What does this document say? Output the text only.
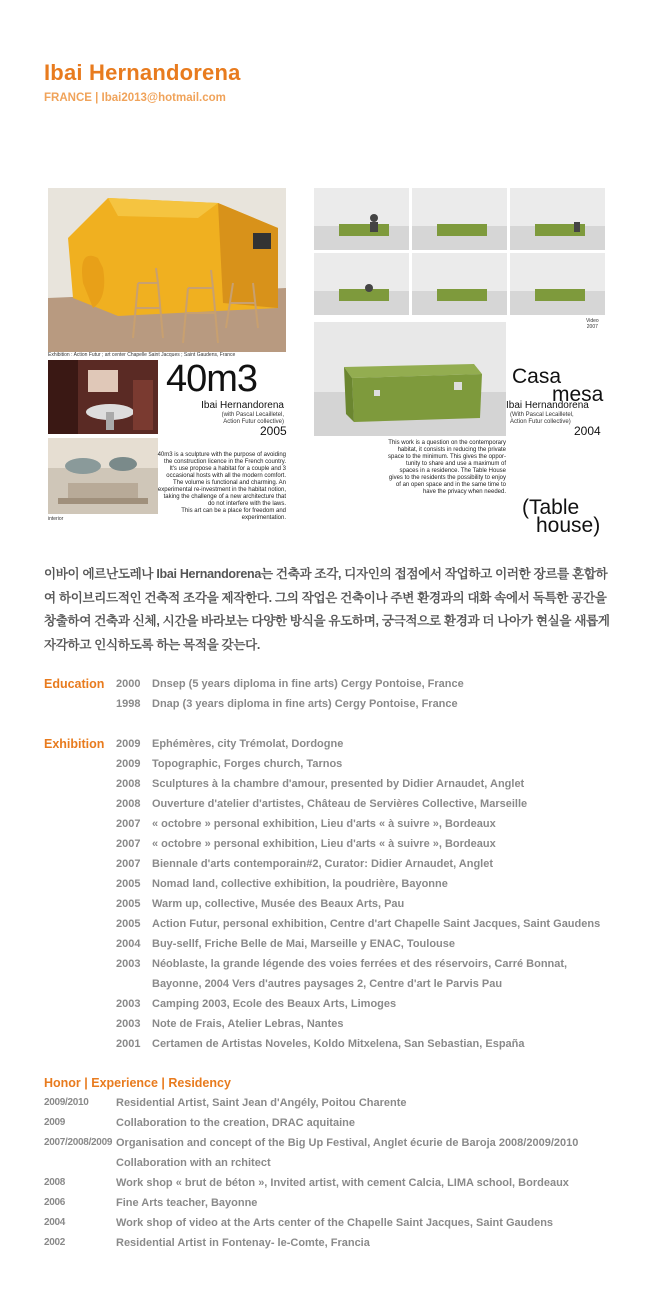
Ibai Hernandorena
FRANCE | Ibai2013@hotmail.com
Exhibition : Action Futur ; art center Chapelle Saint Jacques ; Saint Gaudens, France
interior
40m3
Ibai Hernandorena
(with Pascal Lecailletel,
Action Futur collective)
2005
40m3 is a sculpture with the purpose of avoiding
the construction licence in the French country.
It's use propose a habitat for a couple and 3
occasional hosts with all the modern comfort.
The volume is functional and charming. An
experimental re-investment in the habitat notion,
taking the challenge of a new architecture that
do not interfere with the laws.
This art can be a place for freedom and
experimentation.
Video
2007
Casa
mesa
Ibai Hernandorena
(With Pascal Lecailletel,
Action Futur collective)
2004
This work is a question on the contemporary
habitat, it consists in reducing the private
space to the minimum. This gives the oppor-
tunity to share and use a maximum of
spaces in a residence. The Table House
gives to the residents the possibility to enjoy
of an open space and in the same time to
have the privacy when needed.
(Table
house)
이바이 에르난도레나 Ibai Hernandorena는 건축과 조각, 디자인의 접점에서 작업하고 이러한 장르를 혼합하여 하이브리드적인 건축적 조각을 제작한다. 그의 작업은 건축이나 주변 환경과의 대화 속에서 독특한 공간을 창출하여 건축과 신체, 시간을 바라보는 다양한 방식을 유도하며, 궁극적으로 환경과 더 나아가 현실을 새롭게 자각하고 인식하도록 하는 목적을 갖는다.
Education 2000 Dnsep (5 years diploma in fine arts) Cergy Pontoise, France
1998 Dnap (3 years diploma in fine arts) Cergy Pontoise, France
Exhibition 2009 Ephémères, city Trémolat, Dordogne
2009 Topographic, Forges church, Tarnos
2008 Sculptures à la chambre d'amour, presented by Didier Arnaudet, Anglet
2008 Ouverture d'atelier d'artistes, Château de Servières Collective, Marseille
2007 « octobre » personal exhibition, Lieu d'arts « à suivre », Bordeaux
2007 « octobre » personal exhibition, Lieu d'arts « à suivre », Bordeaux
2007 Biennale d'arts contemporain#2, Curator: Didier Arnaudet, Anglet
2005 Nomad land, collective exhibition, la poudrière, Bayonne
2005 Warm up, collective, Musée des Beaux Arts, Pau
2005 Action Futur, personal exhibition, Centre d'art Chapelle Saint Jacques, Saint Gaudens
2004 Buy-sellf, Friche Belle de Mai, Marseille y ENAC, Toulouse
2003 Néoblaste, la grande légende des voies ferrées et des réservoirs, Carré Bonnat,
Bayonne, 2004 Vers d'autres paysages 2, Centre d'art le Parvis Pau
2003 Camping 2003, Ecole des Beaux Arts, Limoges
2003 Note de Frais, Atelier Lebras, Nantes
2001 Certamen de Artistas Noveles, Koldo Mitxelena, San Sebastian, España
Honor | Experience | Residency
2009/2010 Residential Artist, Saint Jean d'Angély, Poitou Charente
2009	Collaboration to the creation, DRAC aquitaine
2007/2008/2009 Organisation and concept of the Big Up Festival, Anglet écurie de Baroja 2008/2009/2010
Collaboration with an rchitect
2008	Work shop « brut de béton », Invited artist, with cement Calcia, LIMA school, Bordeaux
2006	Fine Arts teacher, Bayonne
2004	Work shop of video at the Arts center of the Chapelle Saint Jacques, Saint Gaudens
2002	Residential Artist in Fontenay- le-Comte, Francia
